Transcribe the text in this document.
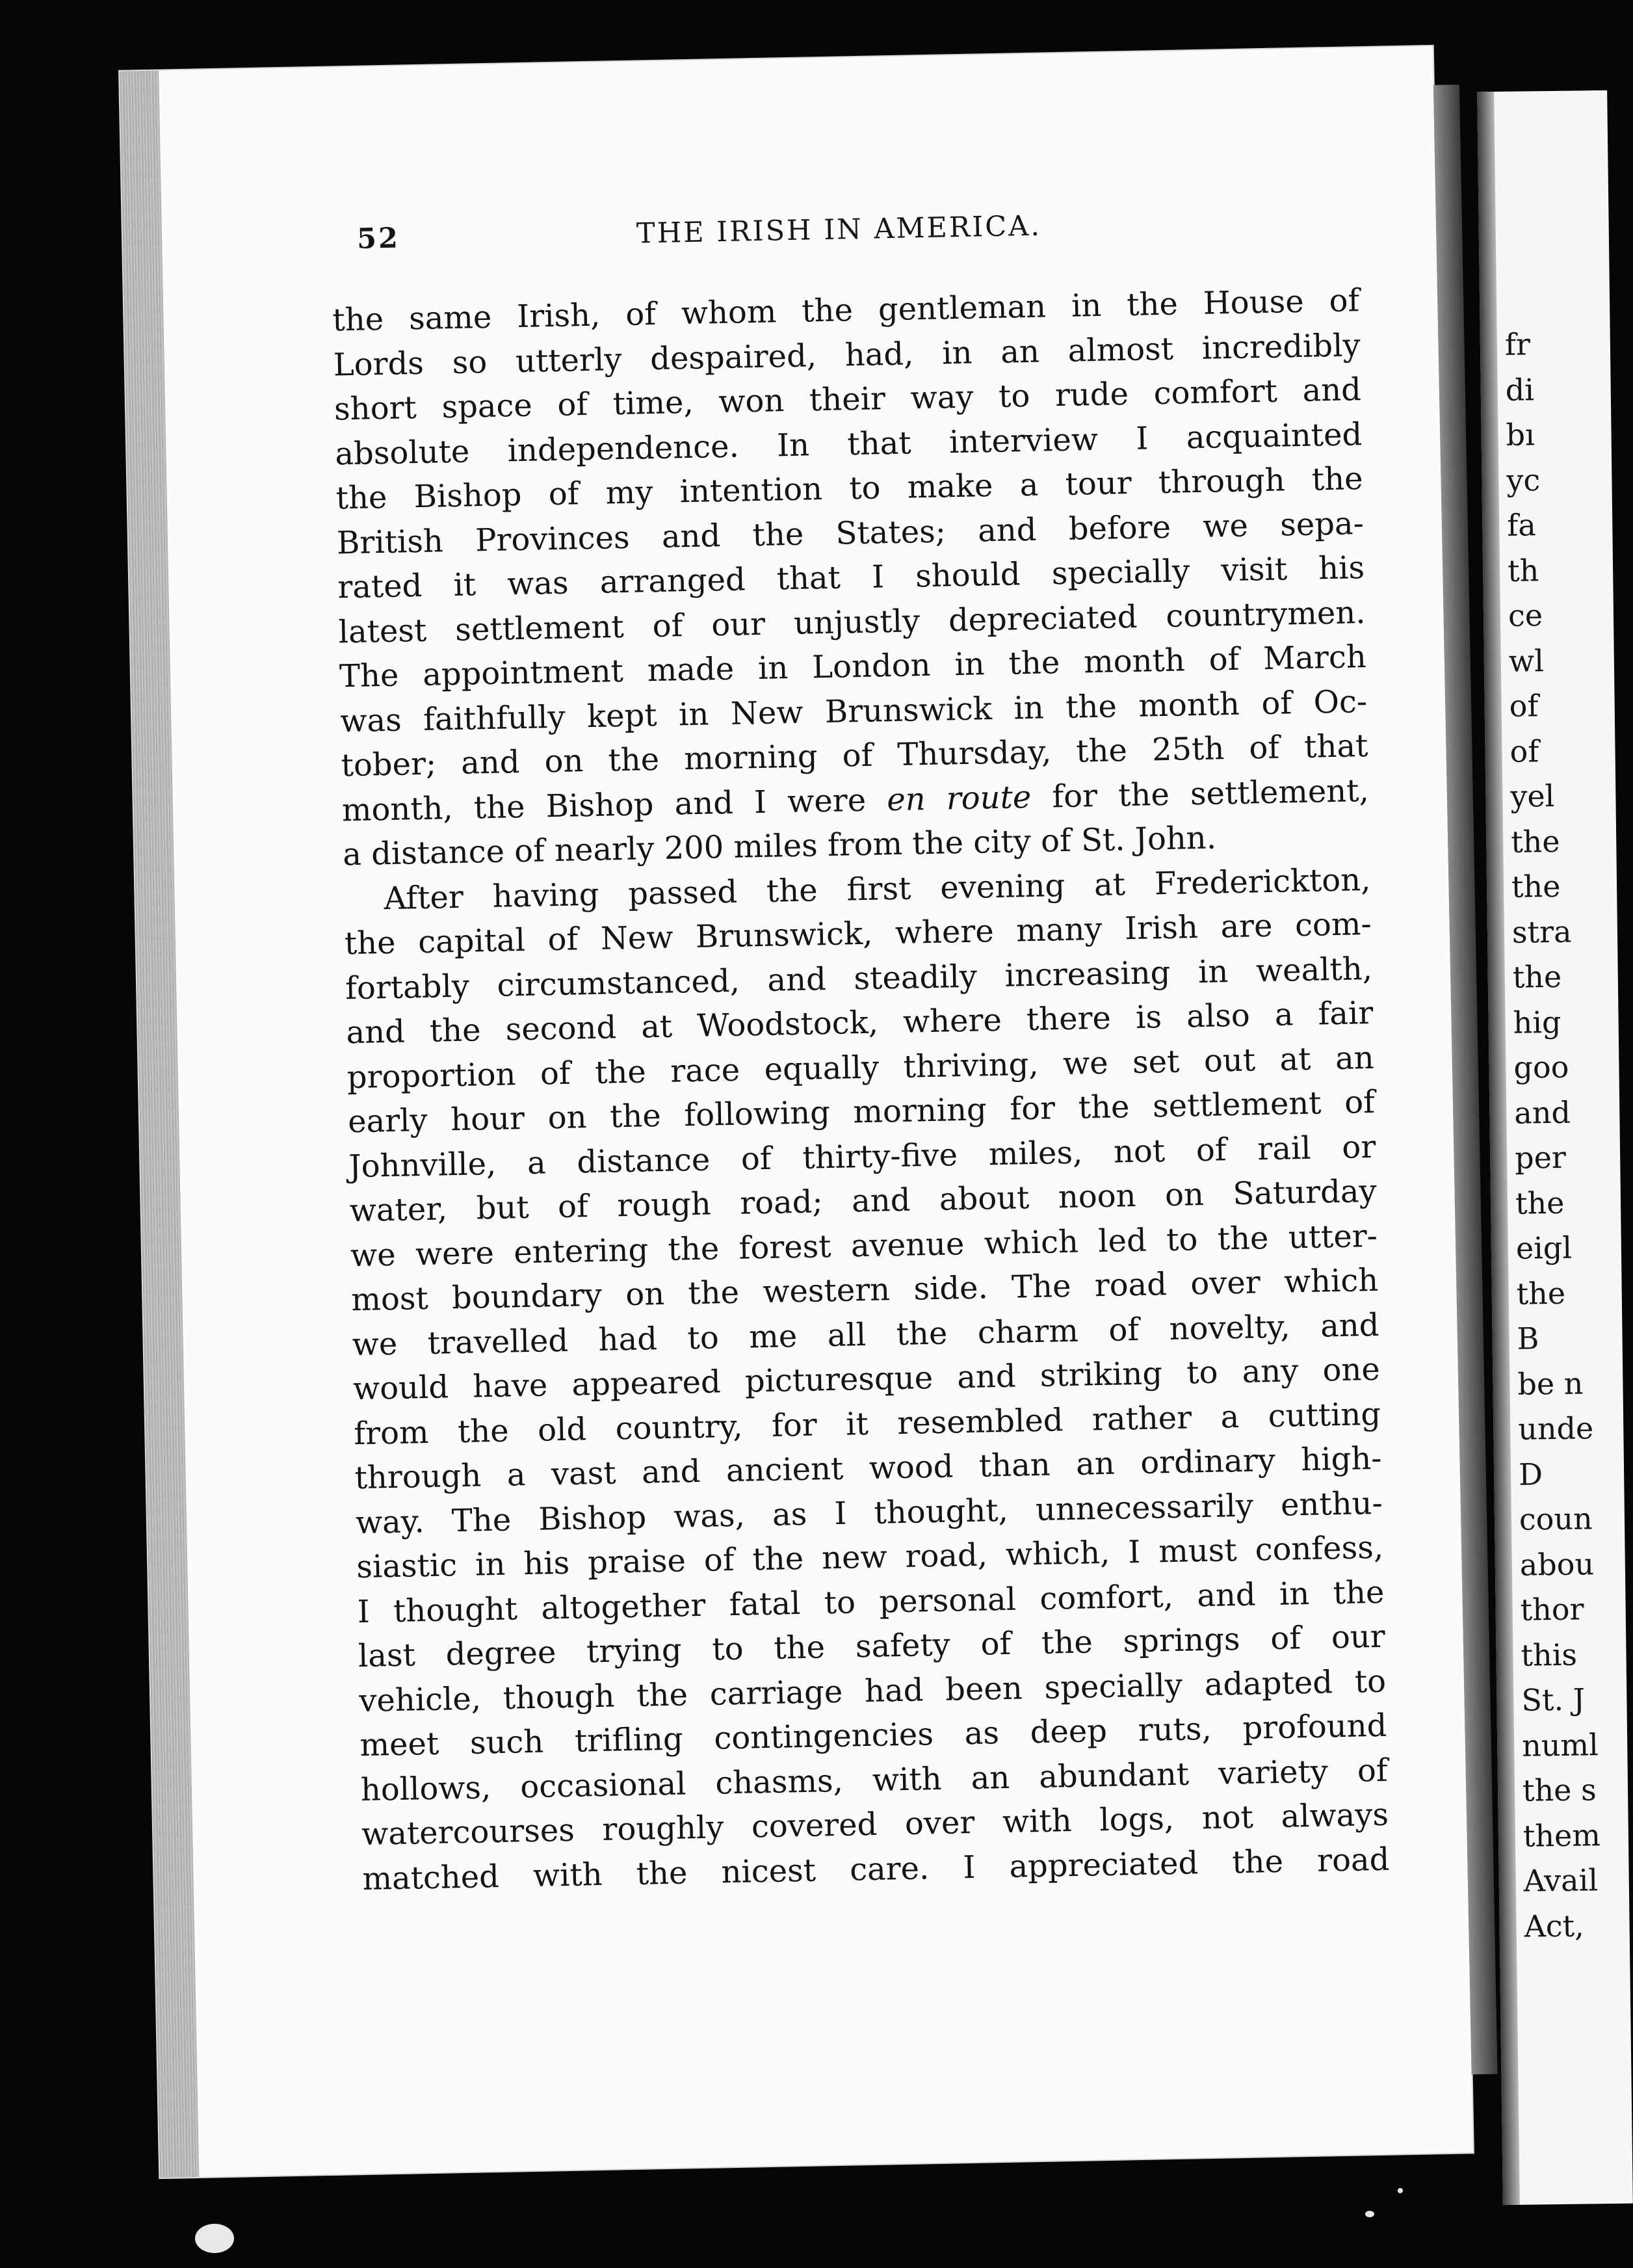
52	THE IRISH IN AMERICA.
the same Irish, of whom the gentleman in the House of
Lords so utterly despaired, had, in an almost incredibly
short space of time, won their way to rude comfort and
absolute independence. In that interview I acquainted
the Bishop of my intention to make a tour through the
British Provinces and the States; and before we sepa-
rated it was arranged that I should specially visit his
latest settlement of our unjustly depreciated countrymen.
The appointment made in London in the month of March
was faithfully kept in New Brunswick in the month of Oc-
tober; and on the morning of Thursday, the 25th of that
month, the Bishop and I were en route for the settlement,
a distance of nearly 200 miles from the city of St. John.
After having passed the first evening at Frederickton,
the capital of New Brunswick, where many Irish are com-
fortably circumstanced, and steadily increasing in wealth,
and the second at Woodstock, where there is also a fair
proportion of the race equally thriving, we set out at an
early hour on the following morning for the settlement of
Johnville, a distance of thirty-five miles, not of rail or
water, but of rough road; and about noon on Saturday
we were entering the forest avenue which led to the utter-
most boundary on the western side. The road over which
we travelled had to me all the charm of novelty, and
would have appeared picturesque and striking to any one
from the old country, for it resembled rather a cutting
through a vast and ancient wood than an ordinary high-
way. The Bishop was, as I thought, unnecessarily enthu-
siastic in his praise of the new road, which, I must confess,
I thought altogether fatal to personal comfort, and in the
last degree trying to the safety of the springs of our
vehicle, though the carriage had been specially adapted to
meet such trifling contingencies as deep ruts, profound
hollows, occasional chasms, with an abundant variety of
watercourses roughly covered over with logs, not always
matched with the nicest care. I appreciated the road
fr
di
bı
yc
fa
th
ce
wl
of
of
yel
the
the
stra
the
hig
goo
and
per
the
eigl
the
B
be n
unde
D
coun
abou
thor
this
St. J
numl
the s
them
Avail
Act,
